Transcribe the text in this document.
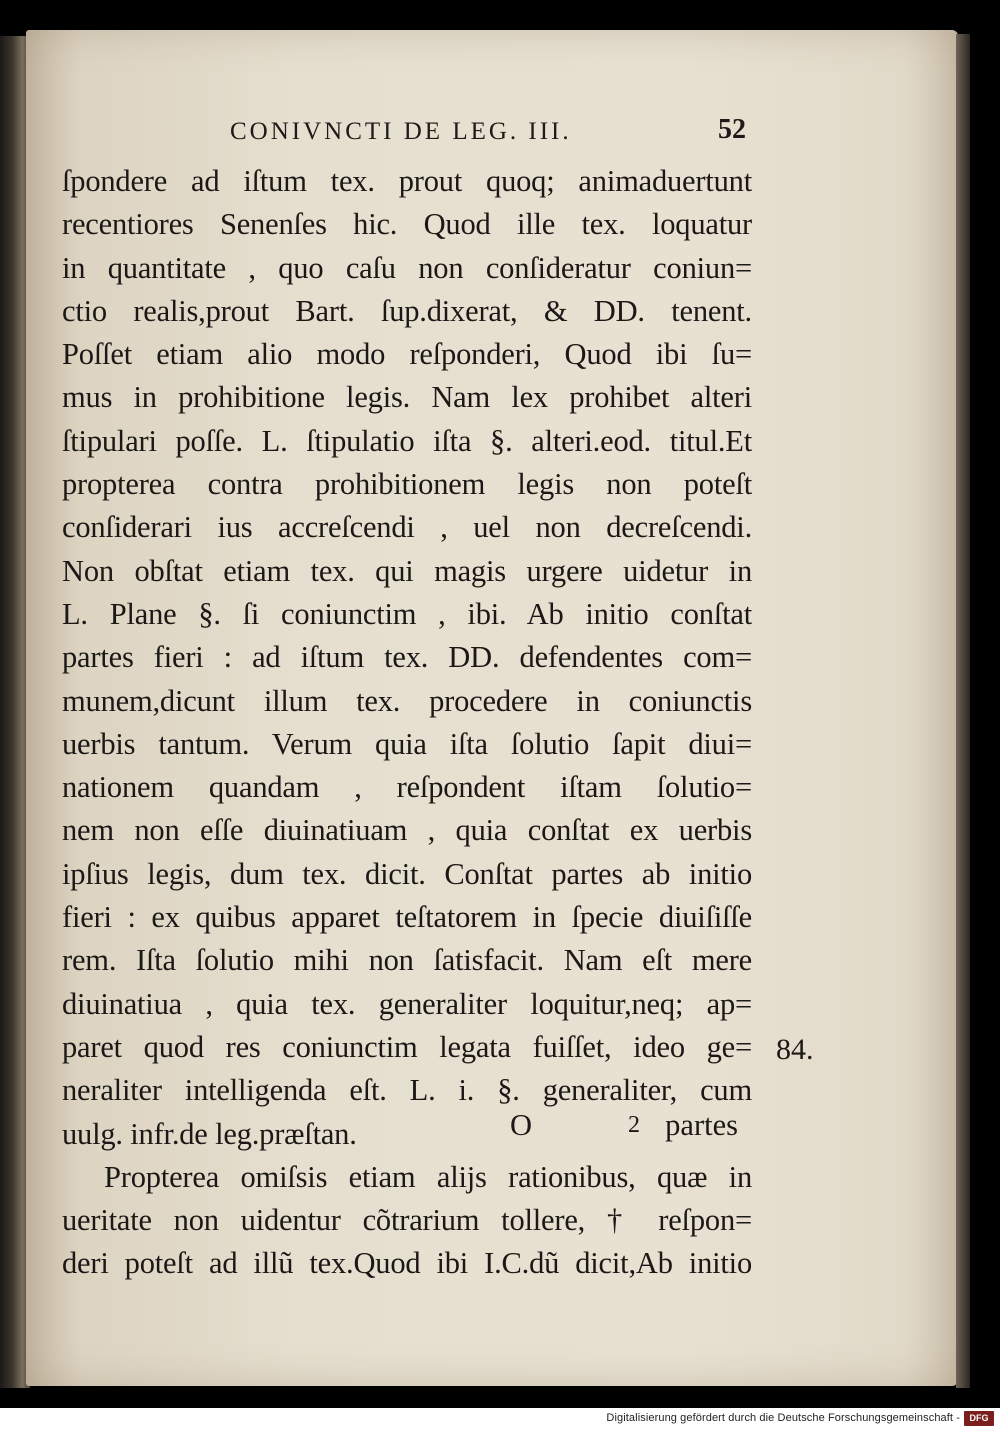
CONIVNCTI DE LEG. III.	52
ſpondere ad iſtum tex. prout quoq; animaduertunt
recentiores Senenſes hic. Quod ille tex. loquatur
in quantitate , quo caſu non conſideratur coniun=
ctio realis,prout Bart. ſup.dixerat, & DD. tenent.
Poſſet etiam alio modo reſponderi, Quod ibi ſu=
mus in prohibitione legis. Nam lex prohibet alteri
ſtipulari poſſe. L. ſtipulatio iſta §. alteri.eod. titul.Et
propterea contra prohibitionem legis non poteſt
conſiderari ius accreſcendi , uel non decreſcendi.
Non obſtat etiam tex. qui magis urgere uidetur in
L. Plane §. ſi coniunctim , ibi. Ab initio conſtat
partes fieri : ad iſtum tex. DD. defendentes com=
munem,dicunt illum tex. procedere in coniunctis
uerbis tantum. Verum quia iſta ſolutio ſapit diui=
nationem quandam , reſpondent iſtam ſolutio=
nem non eſſe diuinatiuam , quia conſtat ex uerbis
ipſius legis, dum tex. dicit. Conſtat partes ab initio
fieri : ex quibus apparet teſtatorem in ſpecie diuiſiſſe
rem. Iſta ſolutio mihi non ſatisfacit. Nam eſt mere
diuinatiua , quia tex. generaliter loquitur,neq; ap=
paret quod res coniunctim legata fuiſſet, ideo ge=
neraliter intelligenda eſt. L. i. §. generaliter, cum
uulg. infr.de leg.præſtan.
Propterea omiſsis etiam alijs rationibus, quæ in
ueritate non uidentur cõtrarium tollere, † reſpon=
deri poteſt ad illũ tex.Quod ibi I.C.dũ dicit,Ab initio
84.
O	2 partes
Digitalisierung gefördert durch die Deutsche Forschungsgemeinschaft -	DFG
